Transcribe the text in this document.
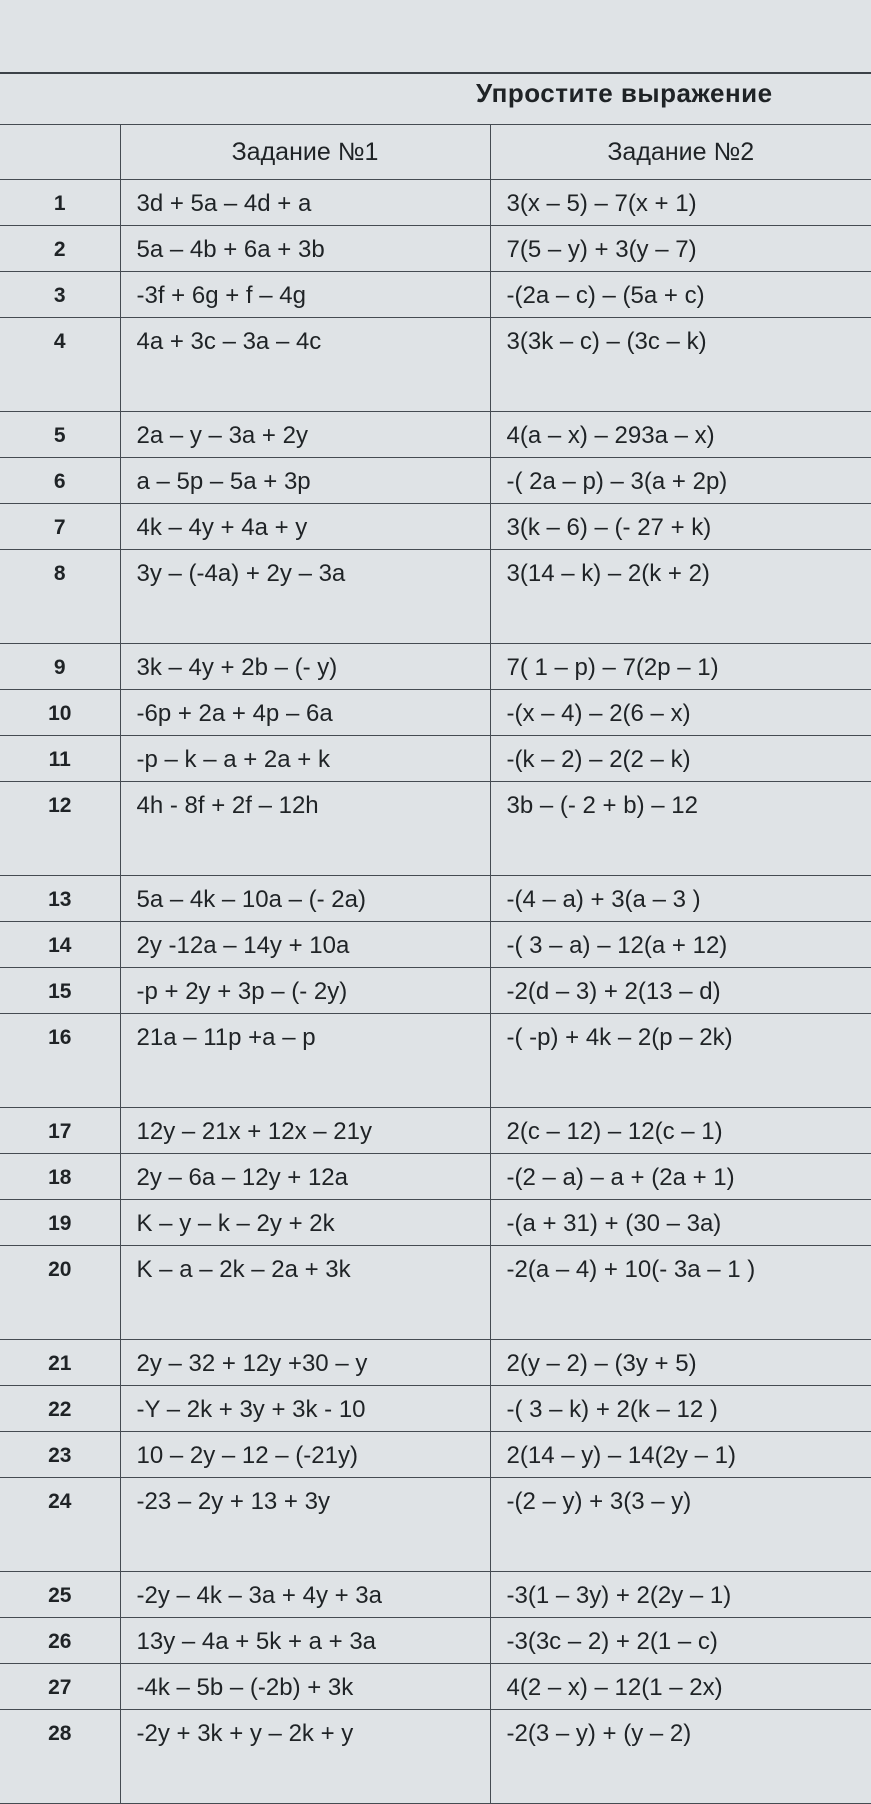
Упростите выражение
	Задание №1	Задание №2
1	3d + 5a – 4d + a	3(x – 5) – 7(x + 1)
2	5a – 4b + 6a + 3b	7(5 – y) + 3(y – 7)
3	-3f + 6g + f – 4g	-(2a – c) – (5a + c)
4	4a + 3c – 3a – 4c	3(3k – c) – (3c – k)
5	2a – y – 3a + 2y	4(a – x) – 293a – x)
6	a – 5p – 5a + 3p	-( 2a – p) – 3(a + 2p)
7	4k – 4y + 4a + y	3(k – 6) – (- 27 + k)
8	3y – (-4a) + 2y – 3a	3(14 – k) – 2(k + 2)
9	3k – 4y + 2b – (- y)	7( 1 – p) – 7(2p – 1)
10	-6p + 2a + 4p – 6a	-(x – 4) – 2(6 – x)
11	-p – k – a + 2a + k	-(k – 2) – 2(2 – k)
12	4h - 8f + 2f – 12h	3b – (- 2 + b) – 12
13	5a – 4k – 10a – (- 2a)	-(4 – a) + 3(a – 3 )
14	2y -12a – 14y + 10a	-( 3 – a) – 12(a + 12)
15	-p + 2y + 3p – (- 2y)	-2(d – 3) + 2(13 – d)
16	21a – 11p +a – p	-( -p) + 4k – 2(p – 2k)
17	12y – 21x + 12x – 21y	2(c – 12) – 12(c – 1)
18	2y – 6a – 12y + 12a	-(2 – a) – a + (2a + 1)
19	K – y – k – 2y + 2k	-(a + 31) + (30 – 3a)
20	K – a – 2k – 2a + 3k	-2(a – 4) + 10(- 3a – 1 )
21	2y – 32 + 12y +30 – y	2(y – 2) – (3y + 5)
22	-Y – 2k + 3y + 3k - 10	-( 3 – k) + 2(k – 12 )
23	10 – 2y – 12 – (-21y)	2(14 – y) – 14(2y – 1)
24	-23 – 2y + 13 + 3y	-(2 – y) + 3(3 – y)
25	-2y – 4k – 3a + 4y + 3a	-3(1 – 3y) + 2(2y – 1)
26	13y – 4a + 5k + a + 3a	-3(3c – 2) + 2(1 – c)
27	-4k – 5b – (-2b) + 3k	4(2 – x) – 12(1 – 2x)
28	-2y + 3k + y – 2k + y	-2(3 – y) + (y – 2)
